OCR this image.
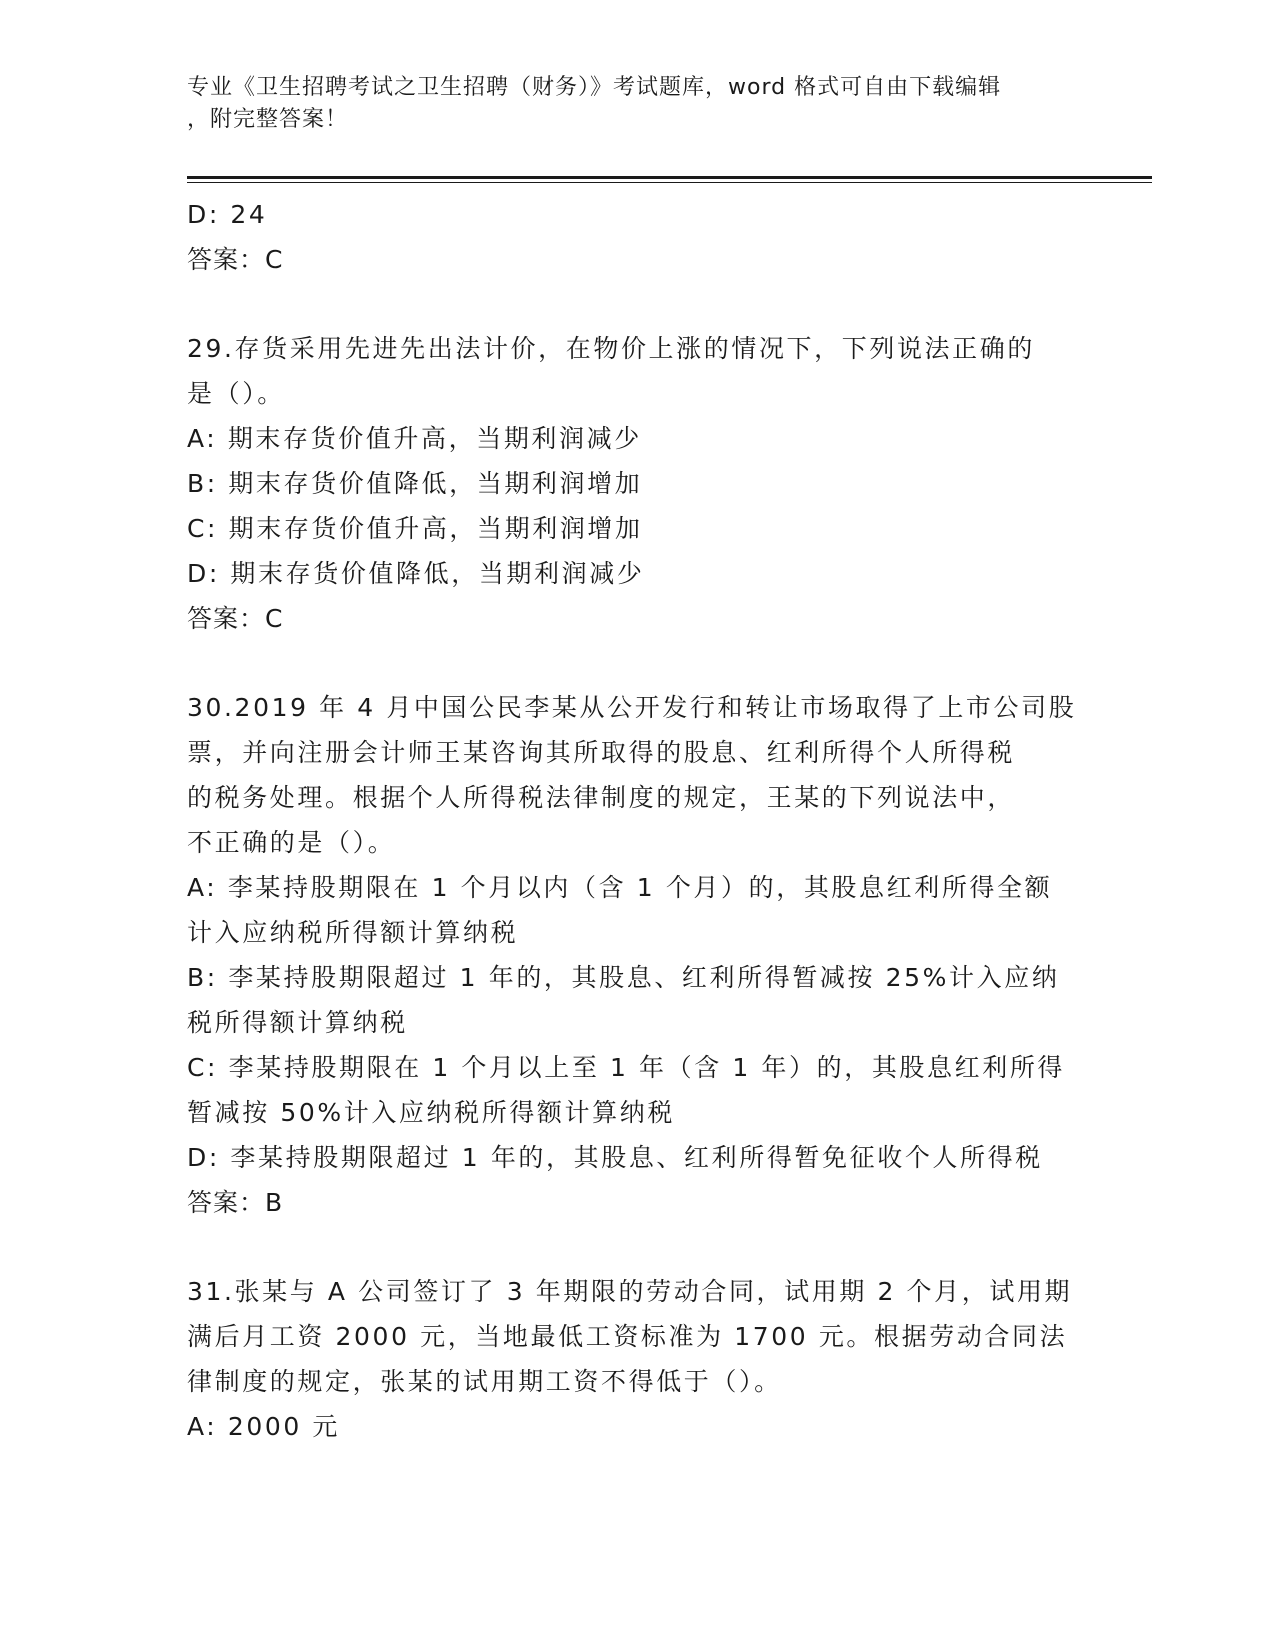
专业《卫生招聘考试之卫生招聘（财务）》考试题库，word 格式可自由下载编辑
，附完整答案！
D: 24
答案：C
29.存货采用先进先出法计价，在物价上涨的情况下，下列说法正确的
是（）。
A: 期末存货价值升高，当期利润减少
B: 期末存货价值降低，当期利润增加
C: 期末存货价值升高，当期利润增加
D: 期末存货价值降低，当期利润减少
答案：C
30.2019 年 4 月中国公民李某从公开发行和转让市场取得了上市公司股
票，并向注册会计师王某咨询其所取得的股息、红利所得个人所得税
的税务处理。根据个人所得税法律制度的规定，王某的下列说法中，
不正确的是（）。
A: 李某持股期限在 1 个月以内（含 1 个月）的，其股息红利所得全额
计入应纳税所得额计算纳税
B: 李某持股期限超过 1 年的，其股息、红利所得暂减按 25%计入应纳
税所得额计算纳税
C: 李某持股期限在 1 个月以上至 1 年（含 1 年）的，其股息红利所得
暂减按 50%计入应纳税所得额计算纳税
D: 李某持股期限超过 1 年的，其股息、红利所得暂免征收个人所得税
答案：B
31.张某与 A 公司签订了 3 年期限的劳动合同，试用期 2 个月，试用期
满后月工资 2000 元，当地最低工资标准为 1700 元。根据劳动合同法
律制度的规定，张某的试用期工资不得低于（）。
A: 2000 元
